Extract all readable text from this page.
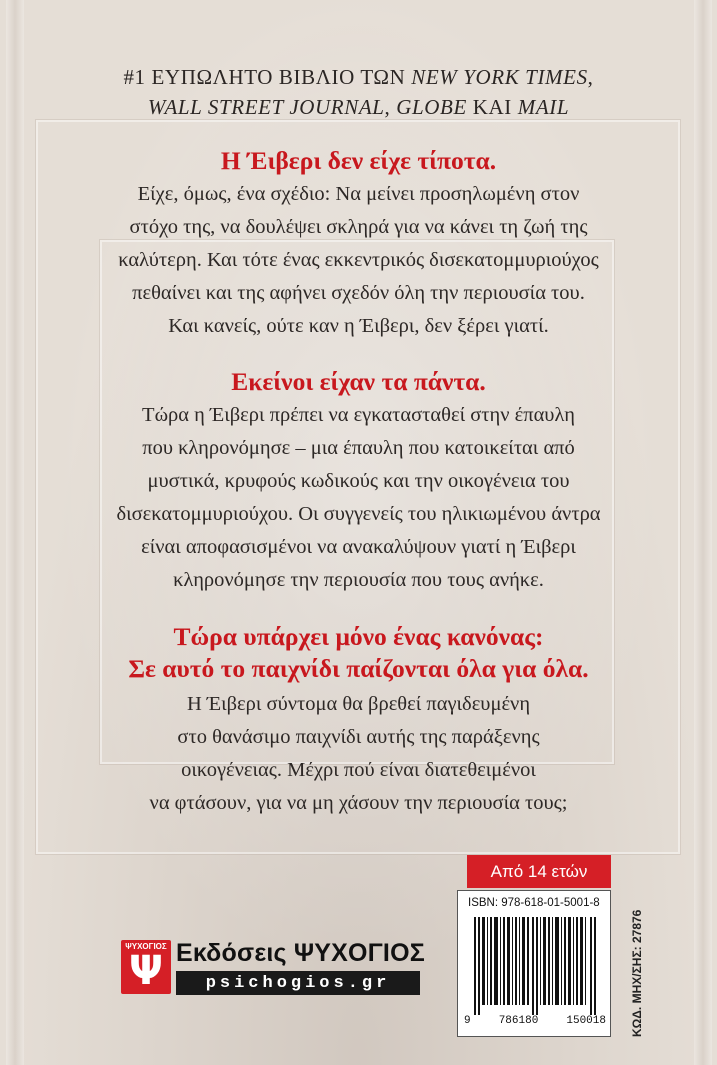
#1 ΕΥΠΩΛΗΤΟ ΒΙΒΛΙΟ ΤΩΝ NEW YORK TIMES,
WALL STREET JOURNAL, GLOBE ΚΑΙ MAIL

Η Έιβερι δεν είχε τίποτα.

Είχε, όμως, ένα σχέδιο: Να μείνει προσηλωμένη στον

στόχο της, να δουλέψει σκληρά για να κάνει τη ζωή της

καλύτερη. Και τότε ένας εκκεντρικός δισεκατομμυριούχος

πεθαίνει και της αφήνει σχεδόν όλη την περιουσία του.

Και κανείς, ούτε καν η Έιβερι, δεν ξέρει γιατί.

Εκείνοι είχαν τα πάντα.

Τώρα η Έιβερι πρέπει να εγκατασταθεί στην έπαυλη

που κληρονόμησε – μια έπαυλη που κατοικείται από

μυστικά, κρυφούς κωδικούς και την οικογένεια του

δισεκατομμυριούχου. Οι συγγενείς του ηλικιωμένου άντρα

είναι αποφασισμένοι να ανακαλύψουν γιατί η Έιβερι

κληρονόμησε την περιουσία που τους ανήκε.

Τώρα υπάρχει μόνο ένας κανόνας:

Σε αυτό το παιχνίδι παίζονται όλα για όλα.

Η Έιβερι σύντομα θα βρεθεί παγιδευμένη

στο θανάσιμο παιχνίδι αυτής της παράξενης

οικογένειας. Μέχρι πού είναι διατεθειμένοι

να φτάσουν, για να μη χάσουν την περιουσία τους;

Από 14 ετών
ISBN: 978-618-01-5001-8
9	786180	150018 ΚΩΔ. ΜΗΧ/ΣΗΣ: 27876
ΨΥΧΟΓΙΟΣ
Ψ Εκδόσεις ΨΥΧΟΓΙΟΣ
psichogios.gr
